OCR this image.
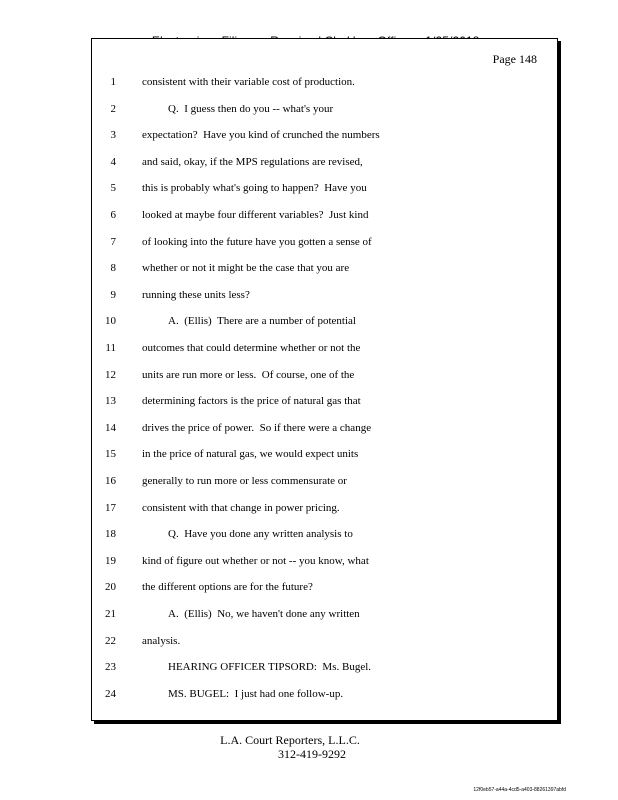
Page 148
1 consistent with their variable cost of production.
2	Q.  I guess then do you -- what's your
3 expectation?  Have you kind of crunched the numbers
4 and said, okay, if the MPS regulations are revised,
5 this is probably what's going to happen?  Have you
6 looked at maybe four different variables?  Just kind
7 of looking into the future have you gotten a sense of
8 whether or not it might be the case that you are
9 running these units less?
10	A.  (Ellis)  There are a number of potential
11 outcomes that could determine whether or not the
12 units are run more or less.  Of course, one of the
13 determining factors is the price of natural gas that
14 drives the price of power.  So if there were a change
15 in the price of natural gas, we would expect units
16 generally to run more or less commensurate or
17 consistent with that change in power pricing.
18	Q.  Have you done any written analysis to
19 kind of figure out whether or not -- you know, what
20 the different options are for the future?
21	A.  (Ellis)  No, we haven't done any written
22 analysis.
23	HEARING OFFICER TIPSORD:  Ms. Bugel.
24	MS. BUGEL:  I just had one follow-up.
L.A. Court Reporters, L.L.C.
312-419-9292
12f0eb57-a44a-4cd5-a403-88261397abfd
